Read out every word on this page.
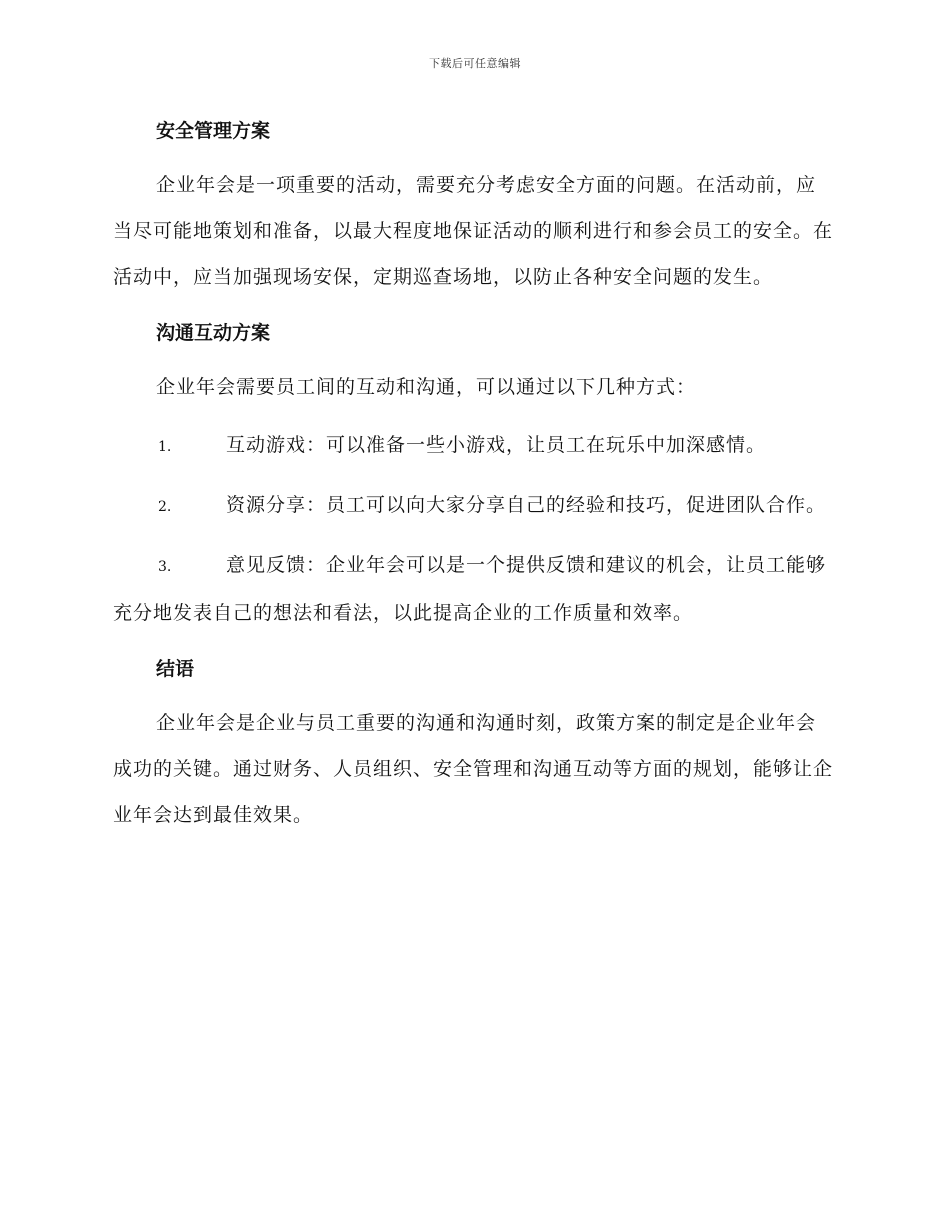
下载后可任意编辑
安全管理方案

企业年会是一项重要的活动，需要充分考虑安全方面的问题。在活动前，应当尽可能地策划和准备，以最大程度地保证活动的顺利进行和参会员工的安全。在活动中，应当加强现场安保，定期巡查场地，以防止各种安全问题的发生。

沟通互动方案

企业年会需要员工间的互动和沟通，可以通过以下几种方式：

1.	互动游戏：可以准备一些小游戏，让员工在玩乐中加深感情。

2.	资源分享：员工可以向大家分享自己的经验和技巧，促进团队合作。

3.	意见反馈：企业年会可以是一个提供反馈和建议的机会，让员工能够充分地发表自己的想法和看法，以此提高企业的工作质量和效率。

结语

企业年会是企业与员工重要的沟通和沟通时刻，政策方案的制定是企业年会成功的关键。通过财务、人员组织、安全管理和沟通互动等方面的规划，能够让企业年会达到最佳效果。
